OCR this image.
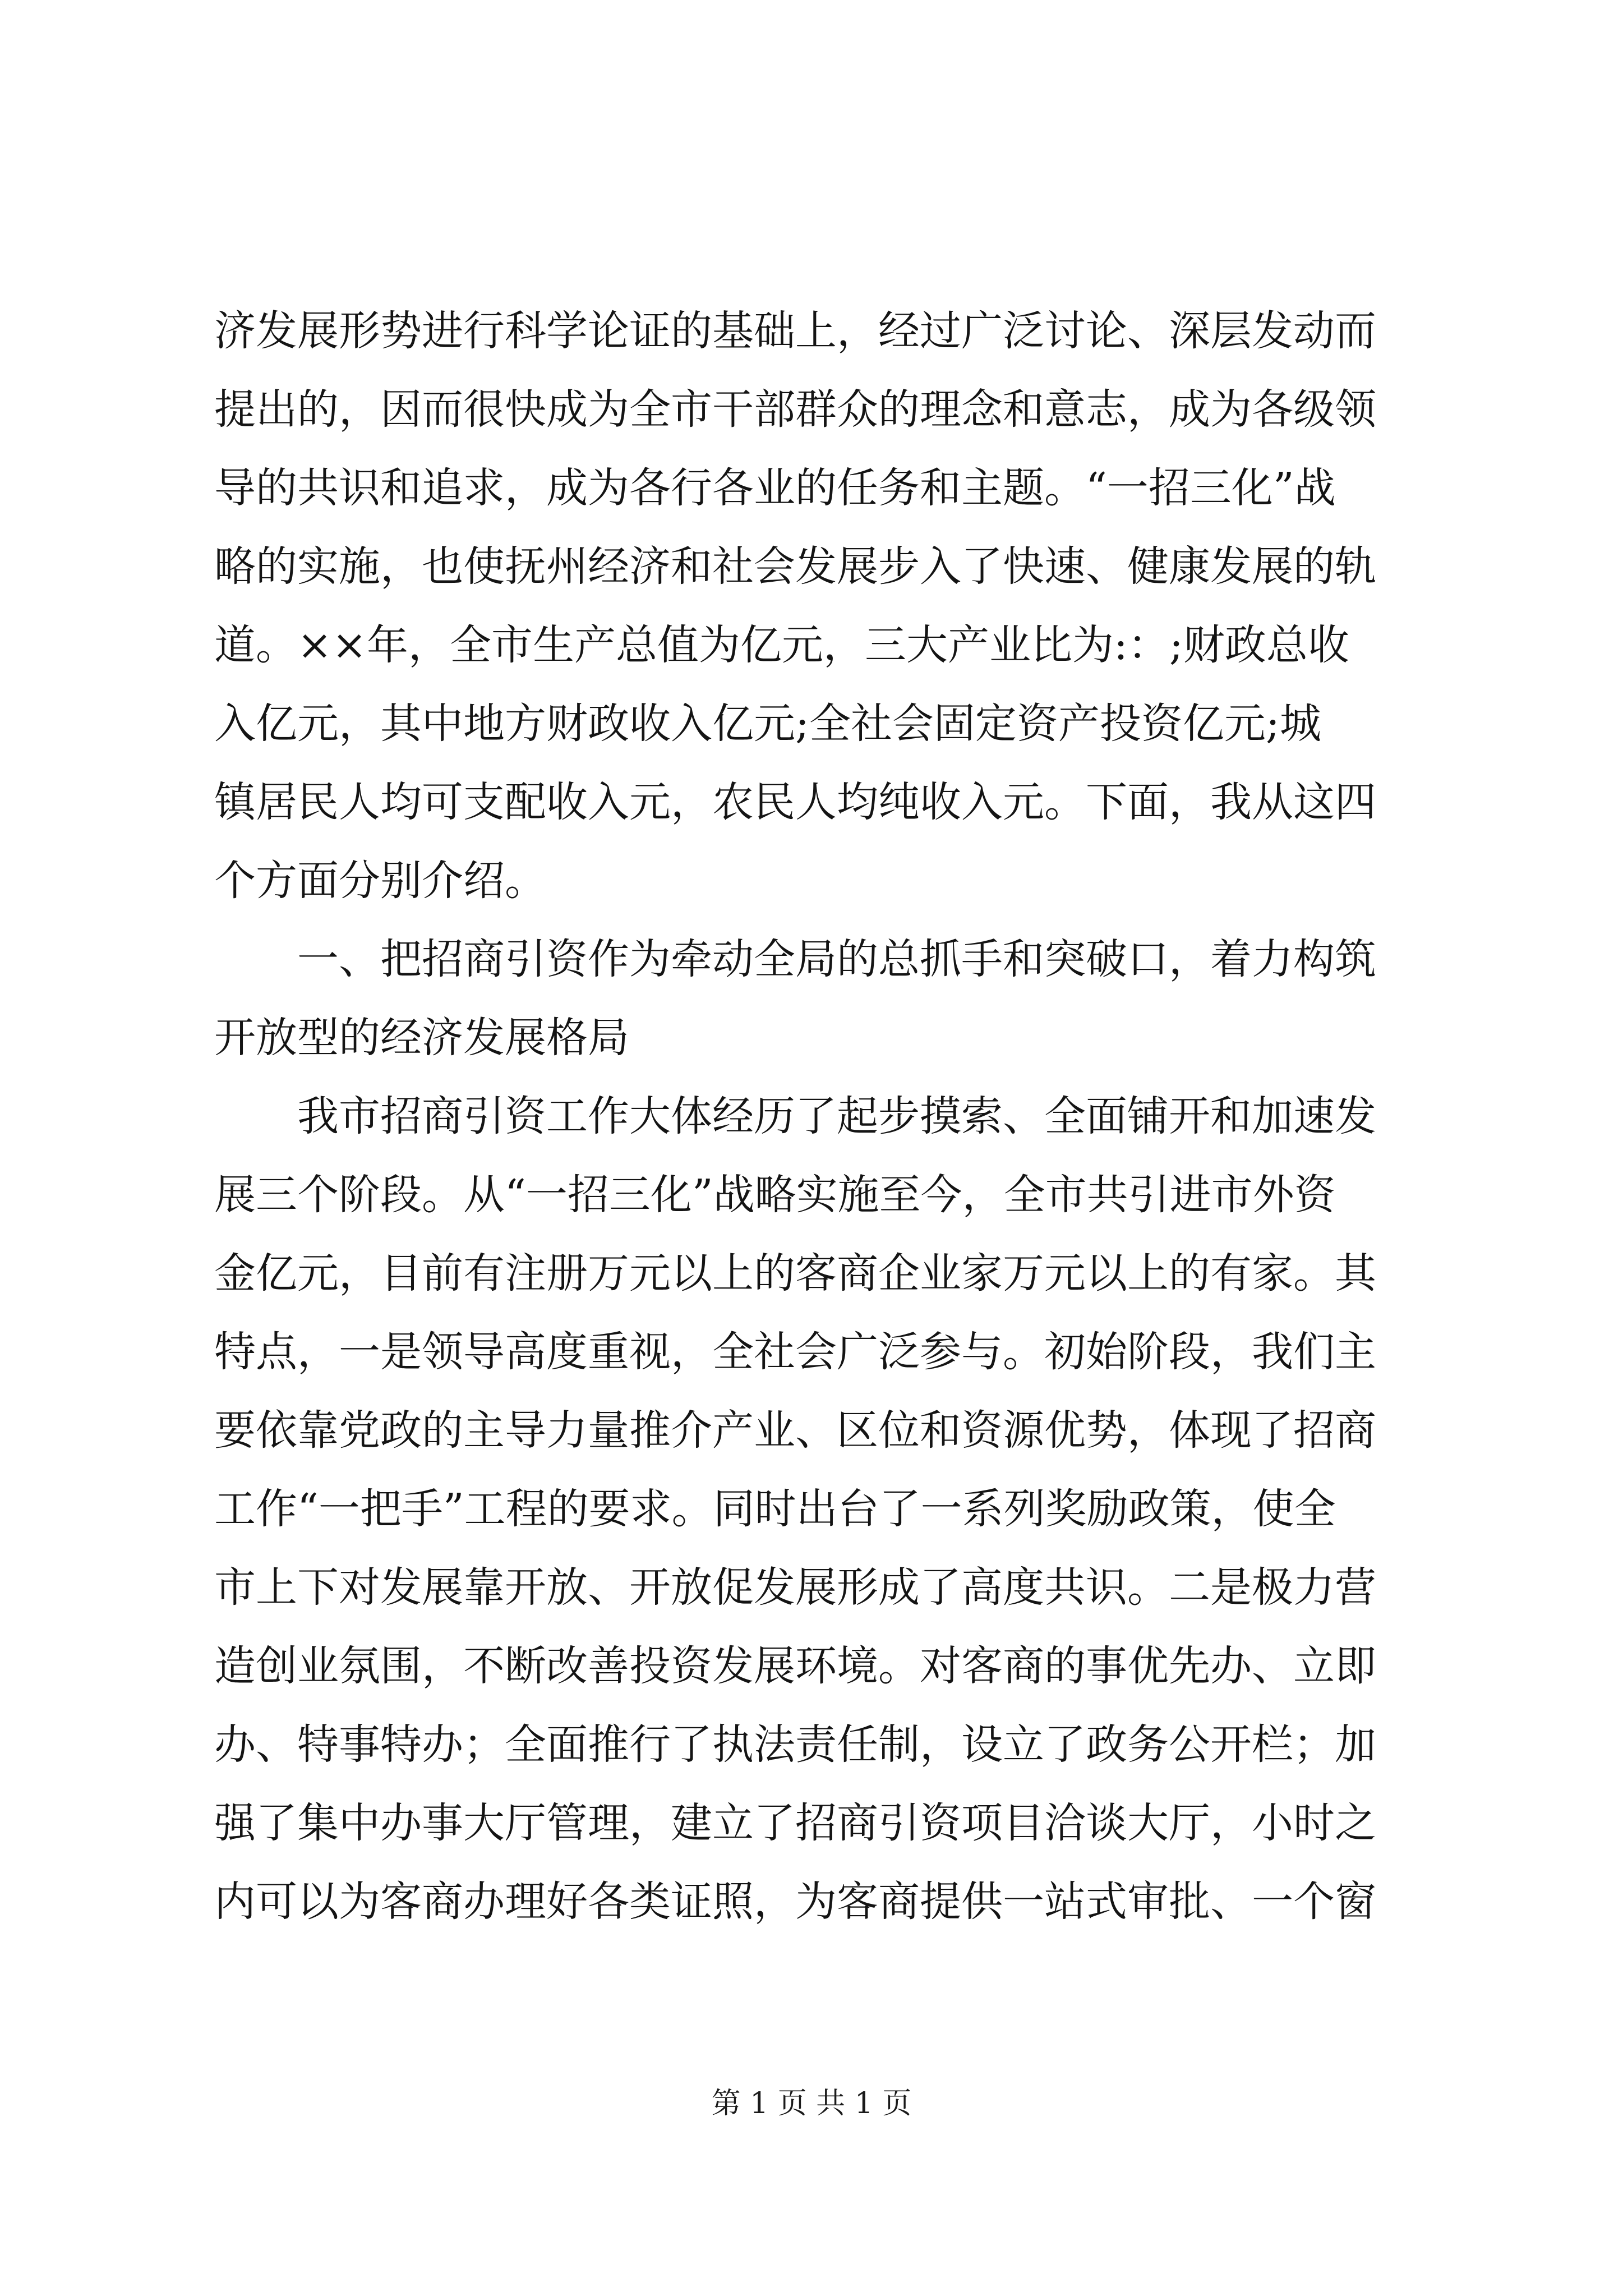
济发展形势进行科学论证的基础上，经过广泛讨论、深层发动而
提出的，因而很快成为全市干部群众的理念和意志，成为各级领
导的共识和追求，成为各行各业的任务和主题。“一招三化”战
略的实施，也使抚州经济和社会发展步入了快速、健康发展的轨
道。××年，全市生产总值为亿元，三大产业比为:：;财政总收
入亿元，其中地方财政收入亿元;全社会固定资产投资亿元;城
镇居民人均可支配收入元，农民人均纯收入元。下面，我从这四
个方面分别介绍。
　　一、把招商引资作为牵动全局的总抓手和突破口，着力构筑
开放型的经济发展格局
　　我市招商引资工作大体经历了起步摸索、全面铺开和加速发
展三个阶段。从“一招三化”战略实施至今，全市共引进市外资
金亿元，目前有注册万元以上的客商企业家万元以上的有家。其
特点，一是领导高度重视，全社会广泛参与。初始阶段，我们主
要依靠党政的主导力量推介产业、区位和资源优势，体现了招商
工作“一把手”工程的要求。同时出台了一系列奖励政策，使全
市上下对发展靠开放、开放促发展形成了高度共识。二是极力营
造创业氛围，不断改善投资发展环境。对客商的事优先办、立即
办、特事特办；全面推行了执法责任制，设立了政务公开栏；加
强了集中办事大厅管理，建立了招商引资项目洽谈大厅，小时之
内可以为客商办理好各类证照，为客商提供一站式审批、一个窗
第 1 页 共 1 页
